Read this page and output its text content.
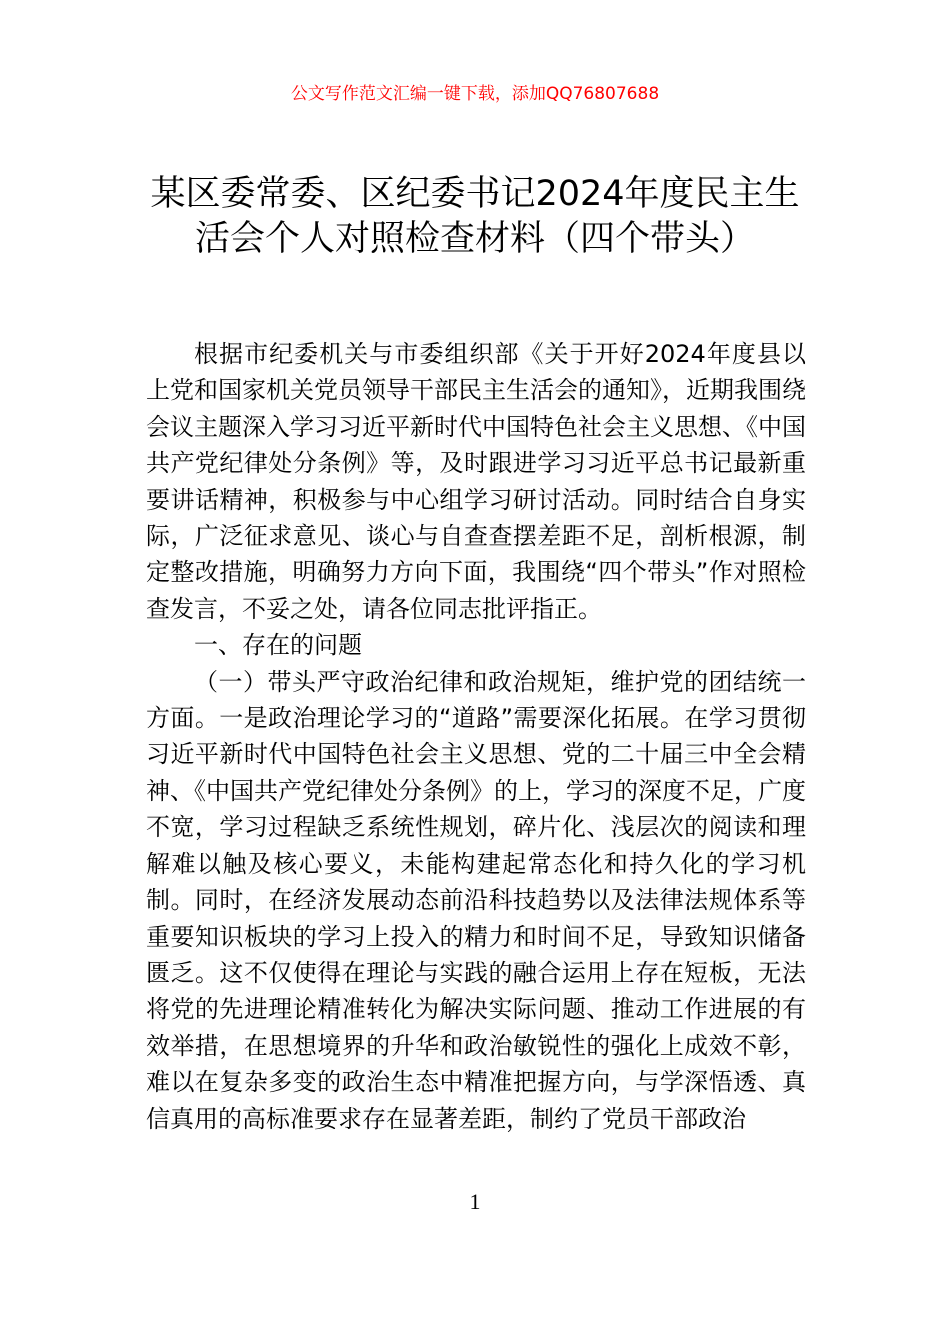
公文写作范文汇编一键下载，添加QQ76807688
某区委常委、区纪委书记2024年度民主生
活会个人对照检查材料（四个带头）

根据市纪委机关与市委组织部《关于开好2024年度县以上党和国家机关党员领导干部民主生活会的通知》，近期我围绕会议主题深入学习习近平新时代中国特色社会主义思想、《中国共产党纪律处分条例》等，及时跟进学习习近平总书记最新重要讲话精神，积极参与中心组学习研讨活动。同时结合自身实际，广泛征求意见、谈心与自查查摆差距不足，剖析根源，制定整改措施，明确努力方向下面，我围绕“四个带头”作对照检查发言，不妥之处，请各位同志批评指正。

一、存在的问题

（一）带头严守政治纪律和政治规矩，维护党的团结统一方面。一是政治理论学习的“道路”需要深化拓展。在学习贯彻习近平新时代中国特色社会主义思想、党的二十届三中全会精神、《中国共产党纪律处分条例》的上，学习的深度不足，广度不宽，学习过程缺乏系统性规划，碎片化、浅层次的阅读和理解难以触及核心要义，未能构建起常态化和持久化的学习机制。同时，在经济发展动态前沿科技趋势以及法律法规体系等重要知识板块的学习上投入的精力和时间不足，导致知识储备匮乏。这不仅使得在理论与实践的融合运用上存在短板，无法将党的先进理论精准转化为解决实际问题、推动工作进展的有效举措，在思想境界的升华和政治敏锐性的强化上成效不彰，难以在复杂多变的政治生态中精准把握方向，与学深悟透、真信真用的高标准要求存在显著差距，制约了党员干部政治

1
